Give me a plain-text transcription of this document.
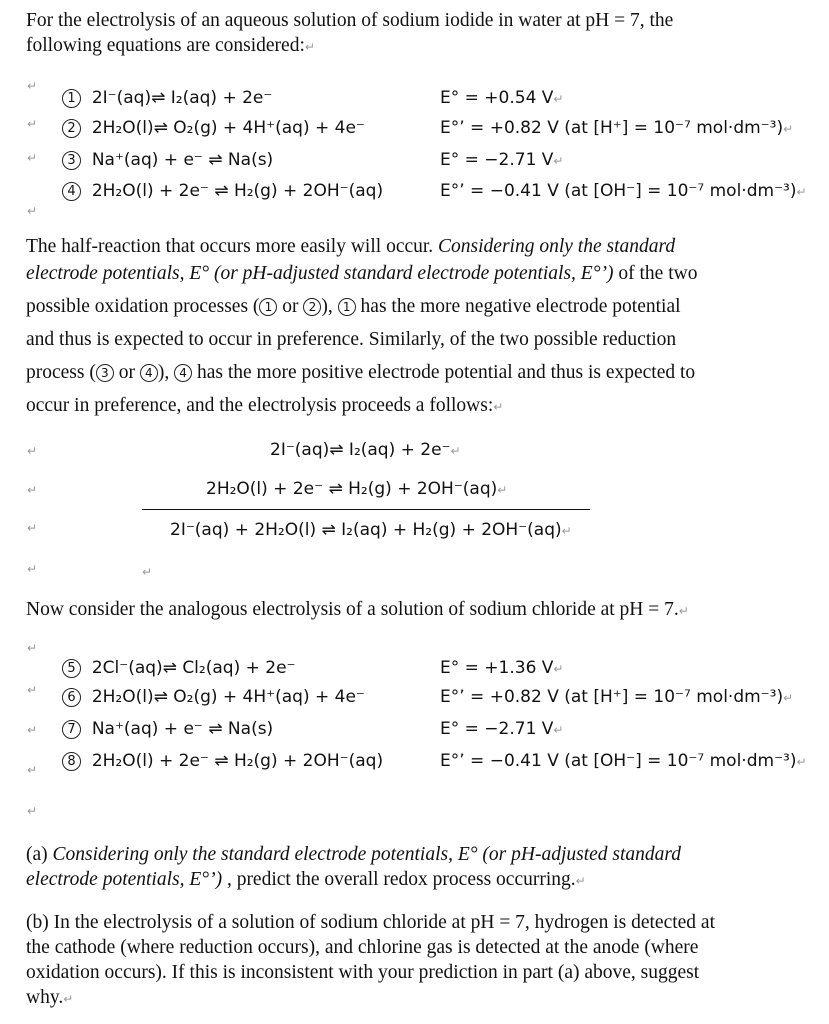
For the electrolysis of an aqueous solution of sodium iodide in water at pH = 7, the
following equations are considered:↵
↵
↵
↵
↵
1 2I⁻(aq)⇌ I₂(aq) + 2e⁻	E° = +0.54 V↵
2 2H₂O(l)⇌ O₂(g) + 4H⁺(aq) + 4e⁻	E°’ = +0.82 V (at [H⁺] = 10⁻⁷ mol·dm⁻³)↵
3 Na⁺(aq) + e⁻ ⇌ Na(s)	E° = −2.71 V↵
4 2H₂O(l) + 2e⁻ ⇌ H₂(g) + 2OH⁻(aq)	E°’ = −0.41 V (at [OH⁻] = 10⁻⁷ mol·dm⁻³)↵
The half-reaction that occurs more easily will occur. Considering only the standard
electrode potentials, E° (or pH-adjusted standard electrode potentials, E°’) of the two
possible oxidation processes ( 1 or 2 ), 1 has the more negative electrode potential
and thus is expected to occur in preference. Similarly, of the two possible reduction
process ( 3 or 4 ), 4 has the more positive electrode potential and thus is expected to
occur in preference, and the electrolysis proceeds a follows:↵
↵
↵
↵
↵	↵
2I⁻(aq)⇌ I₂(aq) + 2e⁻↵
2H₂O(l) + 2e⁻ ⇌ H₂(g) + 2OH⁻(aq)↵
2I⁻(aq) + 2H₂O(l) ⇌ I₂(aq) + H₂(g) + 2OH⁻(aq)↵
Now consider the analogous electrolysis of a solution of sodium chloride at pH = 7.↵
↵
↵
↵
↵
↵
5 2Cl⁻(aq)⇌ Cl₂(aq) + 2e⁻	E° = +1.36 V↵
6 2H₂O(l)⇌ O₂(g) + 4H⁺(aq) + 4e⁻	E°’ = +0.82 V (at [H⁺] = 10⁻⁷ mol·dm⁻³)↵
7 Na⁺(aq) + e⁻ ⇌ Na(s)	E° = −2.71 V↵
8 2H₂O(l) + 2e⁻ ⇌ H₂(g) + 2OH⁻(aq)	E°’ = −0.41 V (at [OH⁻] = 10⁻⁷ mol·dm⁻³)↵
(a) Considering only the standard electrode potentials, E° (or pH-adjusted standard
electrode potentials, E°’) , predict the overall redox process occurring.↵
(b) In the electrolysis of a solution of sodium chloride at pH = 7, hydrogen is detected at
the cathode (where reduction occurs), and chlorine gas is detected at the anode (where
oxidation occurs). If this is inconsistent with your prediction in part (a) above, suggest
why.↵
